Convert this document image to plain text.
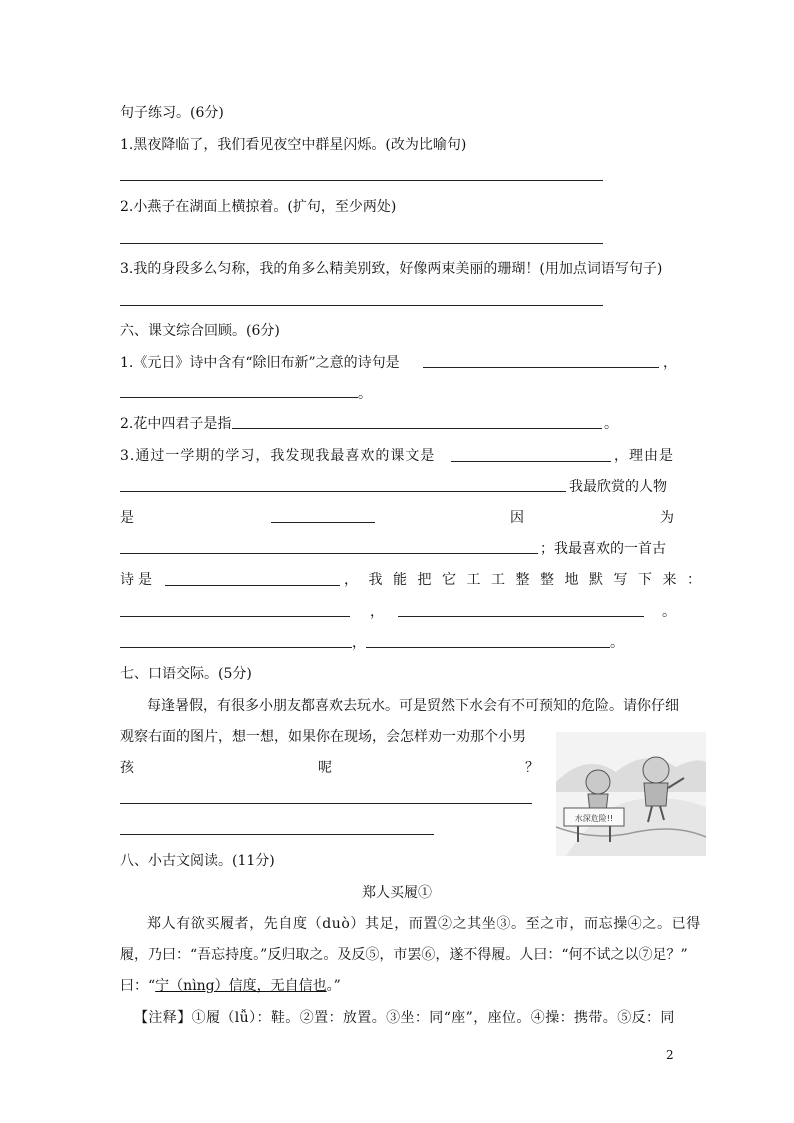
句子练习。(6分)
1.黑夜降临了，我们看见夜空中群星闪烁。(改为比喻句)
2.小燕子在湖面上横掠着。(扩句，至少两处)
3.我的身段多么匀称，我的角多么精美别致，好像两束美丽的珊瑚！(用加点词语写句子)
六、课文综合回顾。(6分)
1.《元日》诗中含有“除旧布新”之意的诗句是	，
。
2.花中四君子是指	。
3.通过一学期的学习，我发现我最喜欢的课文是	，理由是
我最欣赏的人物
是	因	为
；我最喜欢的一首古
诗是	，我能把它工工整整地默写下来：
，	。
，	。
七、口语交际。(5分)
每逢暑假，有很多小朋友都喜欢去玩水。可是贸然下水会有不可预知的危险。请你仔细
观察右面的图片，想一想，如果你在现场，会怎样劝一劝那个小男
孩	呢	？
水深危险!!
八、小古文阅读。(11分)
郑人买履①
郑人有欲买履者，先自度（duò）其足，而置②之其坐③。至之市，而忘操④之。已得
履，乃曰：“吾忘持度。”反归取之。及反⑤，市罢⑥，遂不得履。人曰：“何不试之以⑦足？”
曰：“宁（nìng）信度，无自信也。”
【注释】①履（lǚ）：鞋。②置：放置。③坐：同“座”，座位。④操：携带。⑤反：同
2
